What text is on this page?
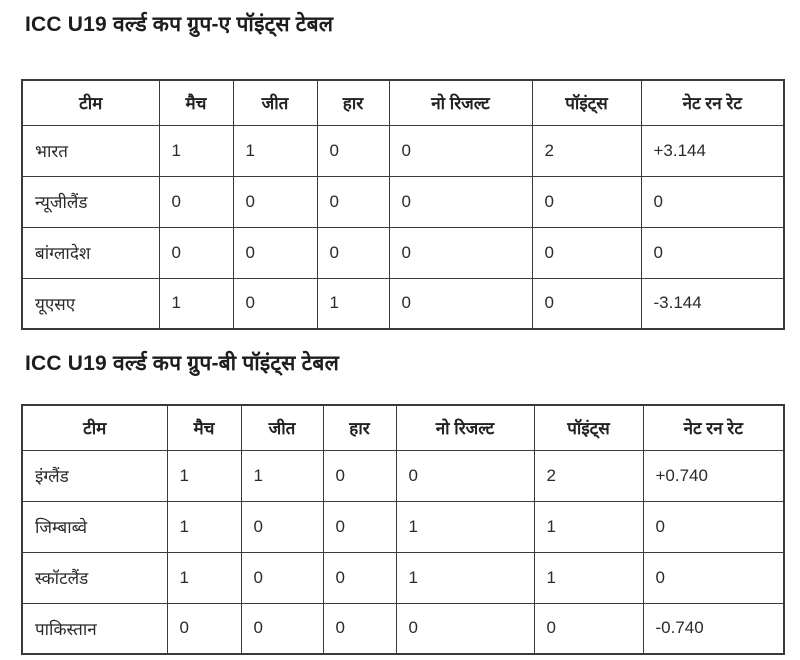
ICC U19 वर्ल्ड कप ग्रुप-ए पॉइंट्स टेबल
टीम	मैच	जीत	हार	नो रिजल्ट	पॉइंट्स	नेट रन रेट
भारत	1	1	0	0	2	+3.144
न्यूजीलैंड	0	0	0	0	0	0
बांग्लादेश	0	0	0	0	0	0
यूएसए	1	0	1	0	0	-3.144
ICC U19 वर्ल्ड कप ग्रुप-बी पॉइंट्स टेबल
टीम	मैच	जीत	हार	नो रिजल्ट	पॉइंट्स	नेट रन रेट
इंग्लैंड	1	1	0	0	2	+0.740
जिम्बाब्वे	1	0	0	1	1	0
स्कॉटलैंड	1	0	0	1	1	0
पाकिस्तान	0	0	0	0	0	-0.740
